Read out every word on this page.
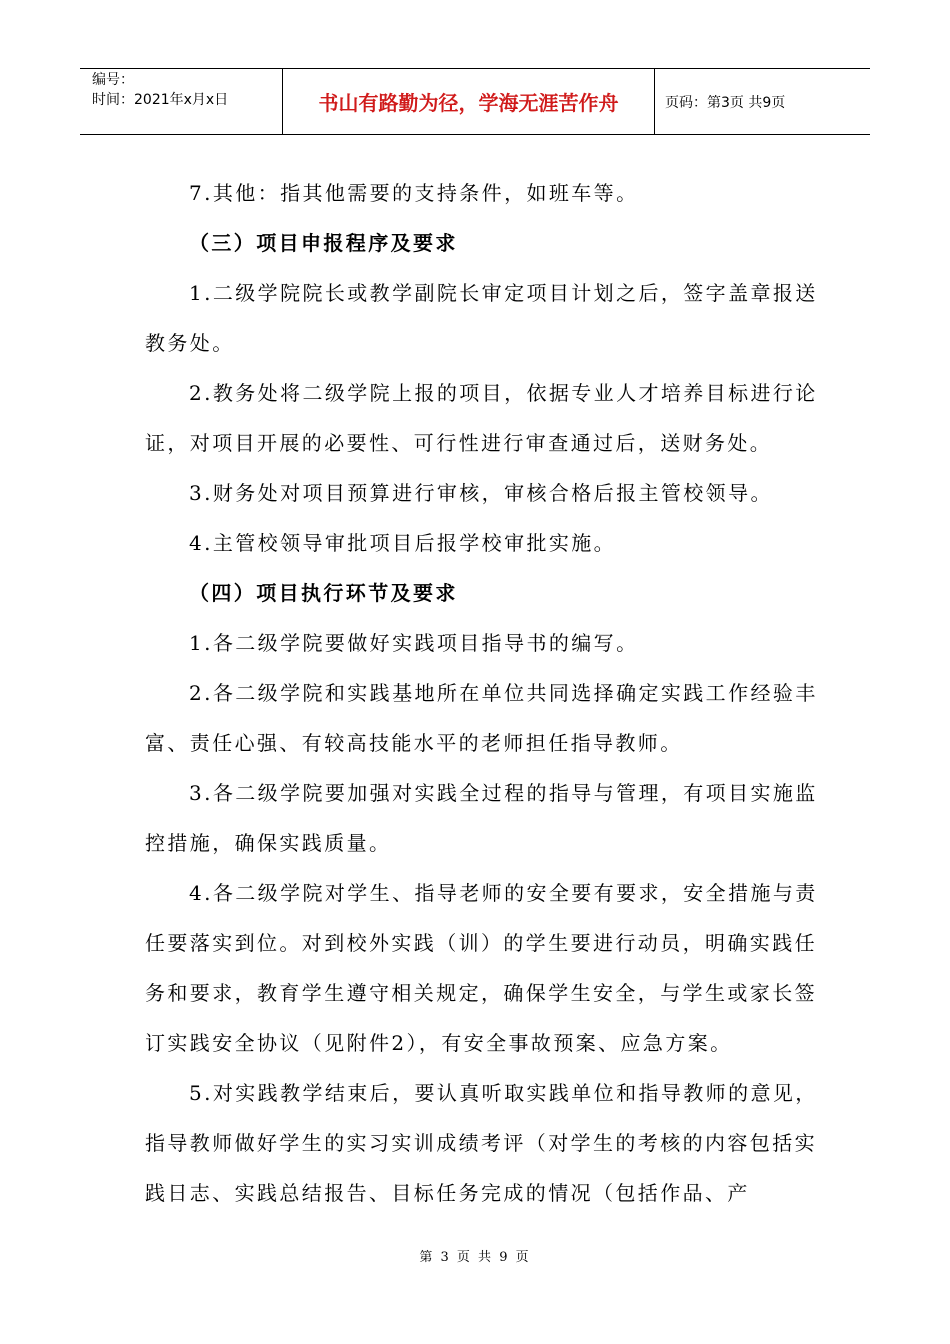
编号：
时间：2021年x月x日	书山有路勤为径，学海无涯苦作舟	页码：第3页 共9页

7.其他：指其他需要的支持条件，如班车等。

（三）项目申报程序及要求

1.二级学院院长或教学副院长审定项目计划之后，签字盖章报送教务处。

2.教务处将二级学院上报的项目，依据专业人才培养目标进行论证，对项目开展的必要性、可行性进行审查通过后，送财务处。

3.财务处对项目预算进行审核，审核合格后报主管校领导。

4.主管校领导审批项目后报学校审批实施。

（四）项目执行环节及要求

1.各二级学院要做好实践项目指导书的编写。

2.各二级学院和实践基地所在单位共同选择确定实践工作经验丰富、责任心强、有较高技能水平的老师担任指导教师。

3.各二级学院要加强对实践全过程的指导与管理，有项目实施监控措施，确保实践质量。

4.各二级学院对学生、指导老师的安全要有要求，安全措施与责任要落实到位。对到校外实践（训）的学生要进行动员，明确实践任务和要求，教育学生遵守相关规定，确保学生安全，与学生或家长签订实践安全协议（见附件2），有安全事故预案、应急方案。

5.对实践教学结束后，要认真听取实践单位和指导教师的意见，指导教师做好学生的实习实训成绩考评（对学生的考核的内容包括实践日志、实践总结报告、目标任务完成的情况（包括作品、产

第 3 页 共 9 页
